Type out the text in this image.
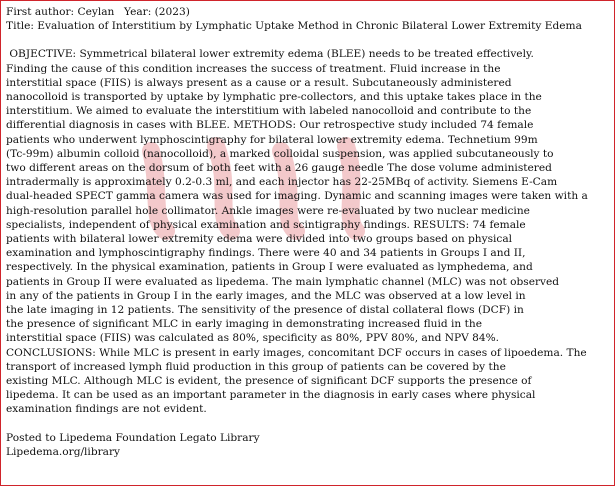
First author: Ceylan Year: (2023)
Title: Evaluation of Interstitium by Lymphatic Uptake Method in Chronic Bilateral Lower Extremity Edema
OBJECTIVE: Symmetrical bilateral lower extremity edema (BLEE) needs to be treated effectively.
Finding the cause of this condition increases the success of treatment. Fluid increase in the
interstitial space (FIIS) is always present as a cause or a result. Subcutaneously administered
nanocolloid is transported by uptake by lymphatic pre-collectors, and this uptake takes place in the
interstitium. We aimed to evaluate the interstitium with labeled nanocolloid and contribute to the
differential diagnosis in cases with BLEE. METHODS: Our retrospective study included 74 female
patients who underwent lymphoscintigraphy for bilateral lower extremity edema. Technetium 99m
(Tc-99m) albumin colloid (nanocolloid), a marked colloidal suspension, was applied subcutaneously to
two different areas on the dorsum of both feet with a 26 gauge needle The dose volume administered
intradermally is approximately 0.2-0.3 ml, and each injector has 22-25MBq of activity. Siemens E-Cam
dual-headed SPECT gamma camera was used for imaging. Dynamic and scanning images were taken with a
high-resolution parallel hole collimator. Ankle images were re-evaluated by two nuclear medicine
specialists, independent of physical examination and scintigraphy findings. RESULTS: 74 female
patients with bilateral lower extremity edema were divided into two groups based on physical
examination and lymphoscintigraphy findings. There were 40 and 34 patients in Groups I and II,
respectively. In the physical examination, patients in Group I were evaluated as lymphedema, and
patients in Group II were evaluated as lipedema. The main lymphatic channel (MLC) was not observed
in any of the patients in Group I in the early images, and the MLC was observed at a low level in
the late imaging in 12 patients. The sensitivity of the presence of distal collateral flows (DCF) in
the presence of significant MLC in early imaging in demonstrating increased fluid in the
interstitial space (FIIS) was calculated as 80%, specificity as 80%, PPV 80%, and NPV 84%.
CONCLUSIONS: While MLC is present in early images, concomitant DCF occurs in cases of lipoedema. The
transport of increased lymph fluid production in this group of patients can be covered by the
existing MLC. Although MLC is evident, the presence of significant DCF supports the presence of
lipedema. It can be used as an important parameter in the diagnosis in early cases where physical
examination findings are not evident.
Posted to Lipedema Foundation Legato Library
Lipedema.org/library
